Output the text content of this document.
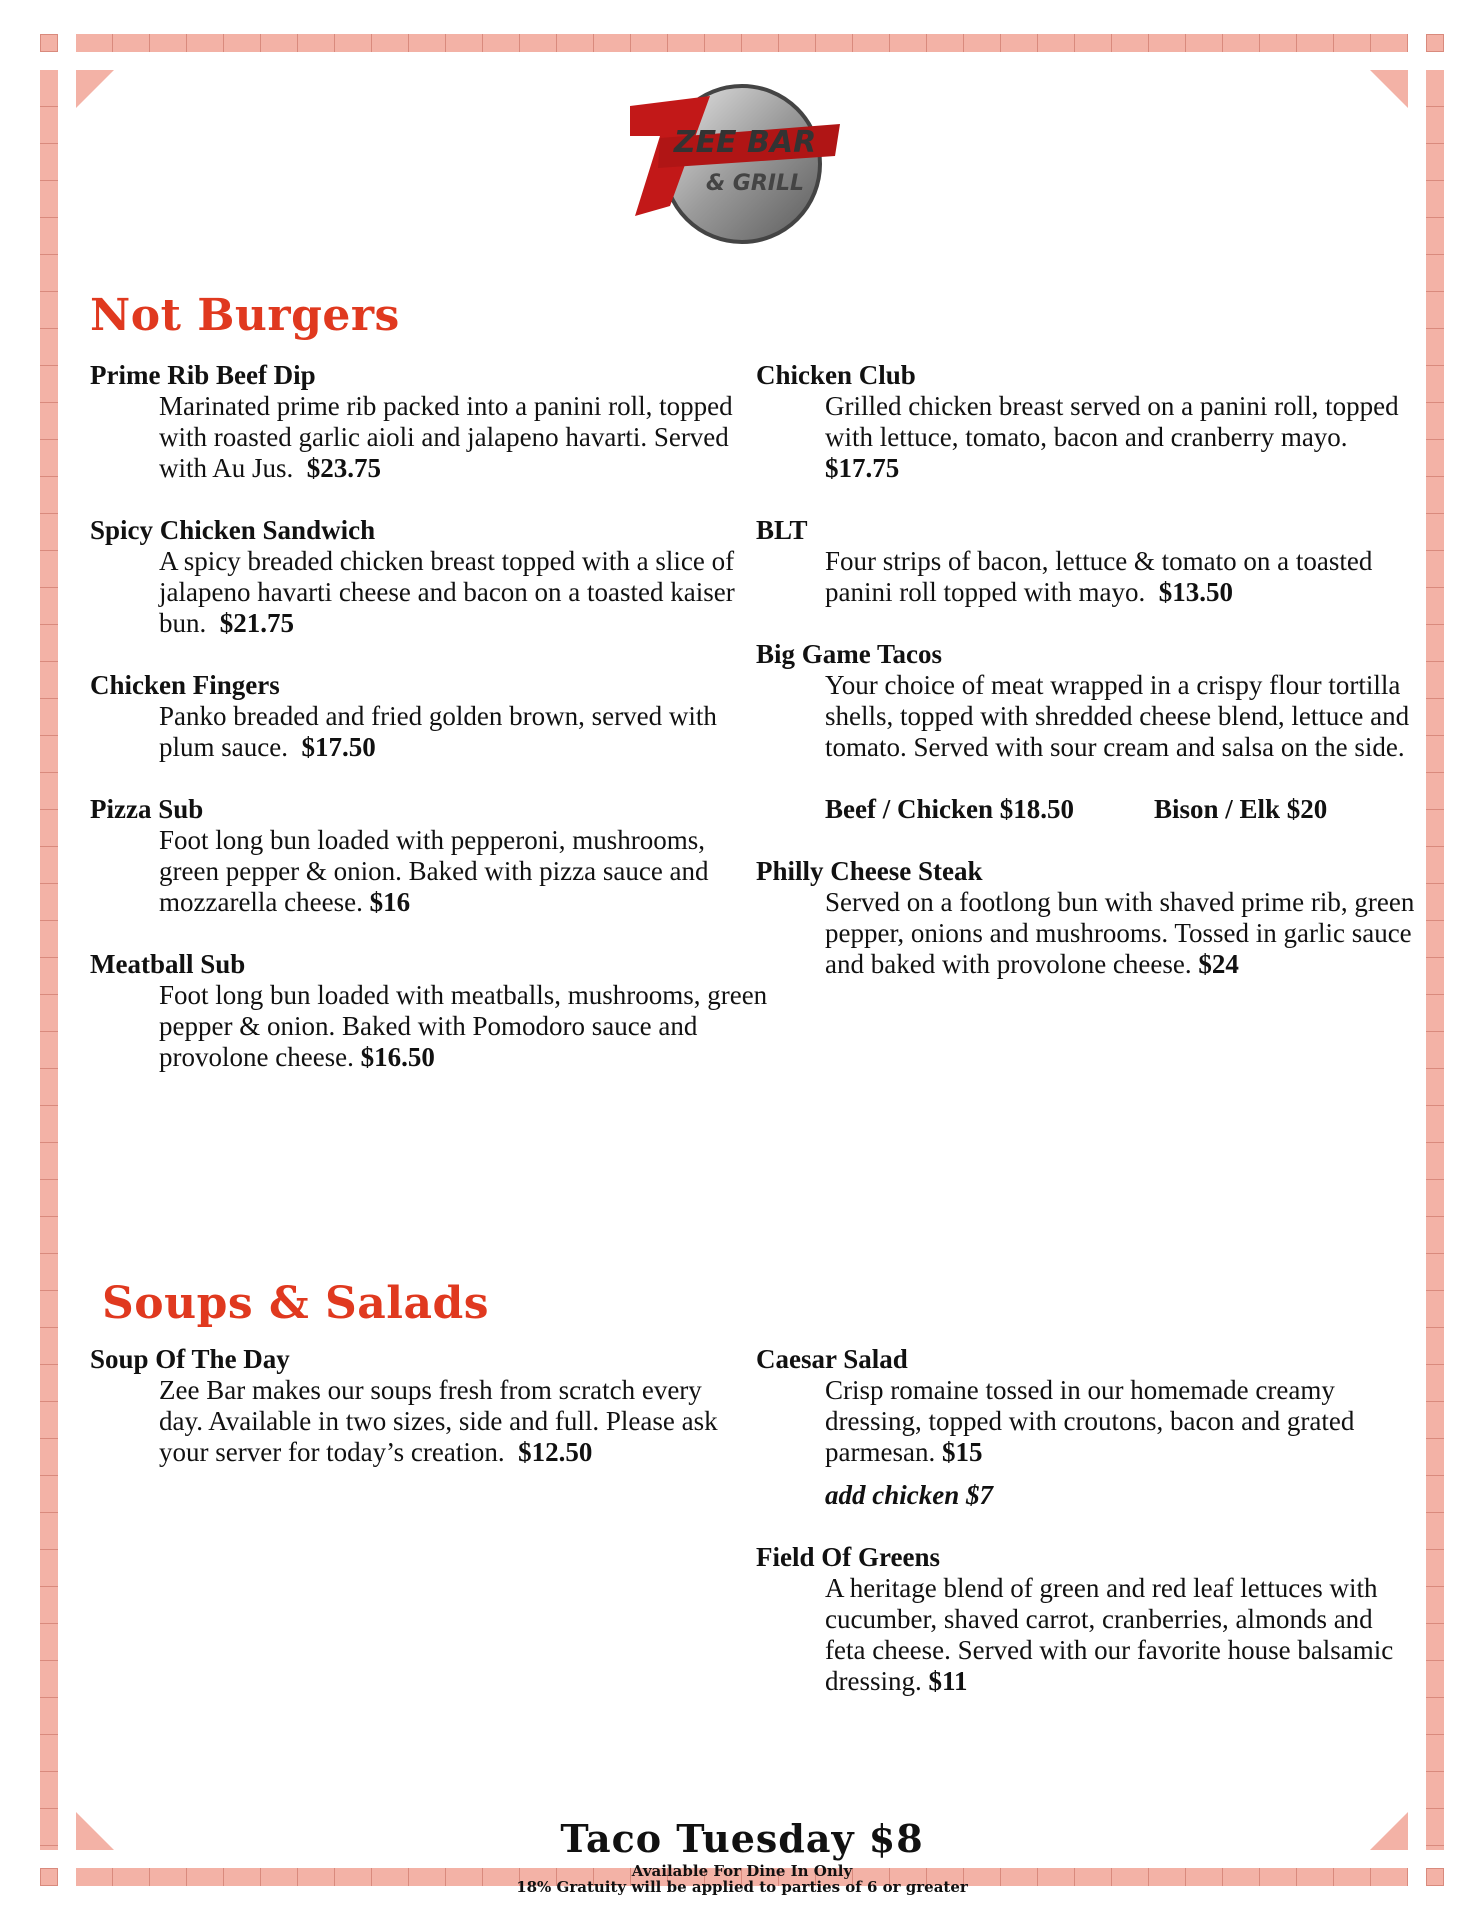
ZEE BAR
& GRILL
Not Burgers
Prime Rib Beef Dip
Marinated prime rib packed into a panini roll, topped with roasted garlic aioli and jalapeno havarti. Served with Au Jus. $23.75
Spicy Chicken Sandwich
A spicy breaded chicken breast topped with a slice of jalapeno havarti cheese and bacon on a toasted kaiser bun. $21.75
Chicken Fingers
Panko breaded and fried golden brown, served with plum sauce. $17.50
Pizza Sub
Foot long bun loaded with pepperoni, mushrooms, green pepper & onion. Baked with pizza sauce and mozzarella cheese. $16
Meatball Sub
Foot long bun loaded with meatballs, mushrooms, green pepper & onion. Baked with Pomodoro sauce and provolone cheese. $16.50
Chicken Club
Grilled chicken breast served on a panini roll, topped with lettuce, tomato, bacon and cranberry mayo.  $17.75
BLT
Four strips of bacon, lettuce & tomato on a toasted panini roll topped with mayo. $13.50
Big Game Tacos
Your choice of meat wrapped in a crispy flour tortilla shells, topped with shredded cheese blend, lettuce and tomato. Served with sour cream and salsa on the side.
Beef / Chicken $18.50	Bison / Elk $20
Philly Cheese Steak
Served on a footlong bun with shaved prime rib, green pepper, onions and mushrooms. Tossed in garlic sauce and baked with provolone cheese. $24
Soups & Salads
Soup Of The Day
Zee Bar makes our soups fresh from scratch every day. Available in two sizes, side and full. Please ask your server for today’s creation. $12.50
Caesar Salad
Crisp romaine tossed in our homemade creamy dressing, topped with croutons, bacon and grated parmesan. $15
add chicken $7
Field Of Greens
A heritage blend of green and red leaf lettuces with cucumber, shaved carrot, cranberries, almonds and feta cheese. Served with our favorite house balsamic dressing. $11
Taco Tuesday $8
Available For Dine In Only
18% Gratuity will be applied to parties of 6 or greater
